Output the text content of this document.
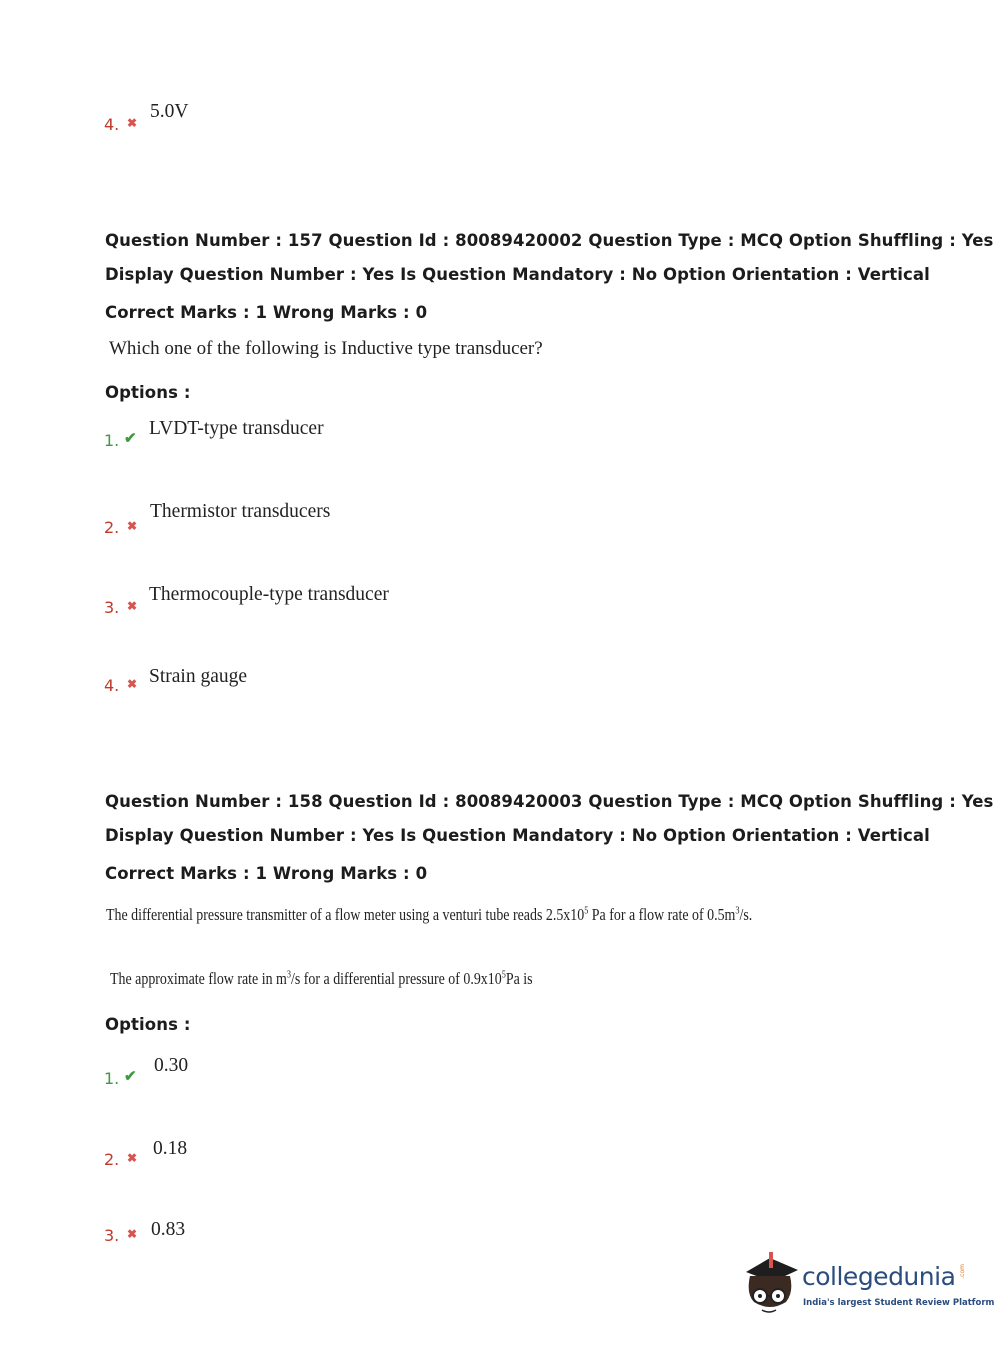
4. ✖
5.0V
Question Number : 157 Question Id : 80089420002 Question Type : MCQ Option Shuffling : Yes
Display Question Number : Yes Is Question Mandatory : No Option Orientation : Vertical
Correct Marks : 1 Wrong Marks : 0
Which one of the following is Inductive type transducer?
Options :
1. ✔ LVDT-type transducer
2. ✖
Thermistor transducers
3. ✖
Thermocouple-type transducer
4. ✖ Strain gauge
Question Number : 158 Question Id : 80089420003 Question Type : MCQ Option Shuffling : Yes
Display Question Number : Yes Is Question Mandatory : No Option Orientation : Vertical
Correct Marks : 1 Wrong Marks : 0
The differential pressure transmitter of a flow meter using a venturi tube reads $2.5x10^5$ Pa for a flow rate of $0.5m^3/s$.
The approximate flow rate in $m^3/s$ for a differential pressure of $0.9x10^5Pa$ is
Options :
1. ✔
0.30
2. ✖ 0.18
3. ✖ 0.83
collegedunia .com
India's largest Student Review Platform
